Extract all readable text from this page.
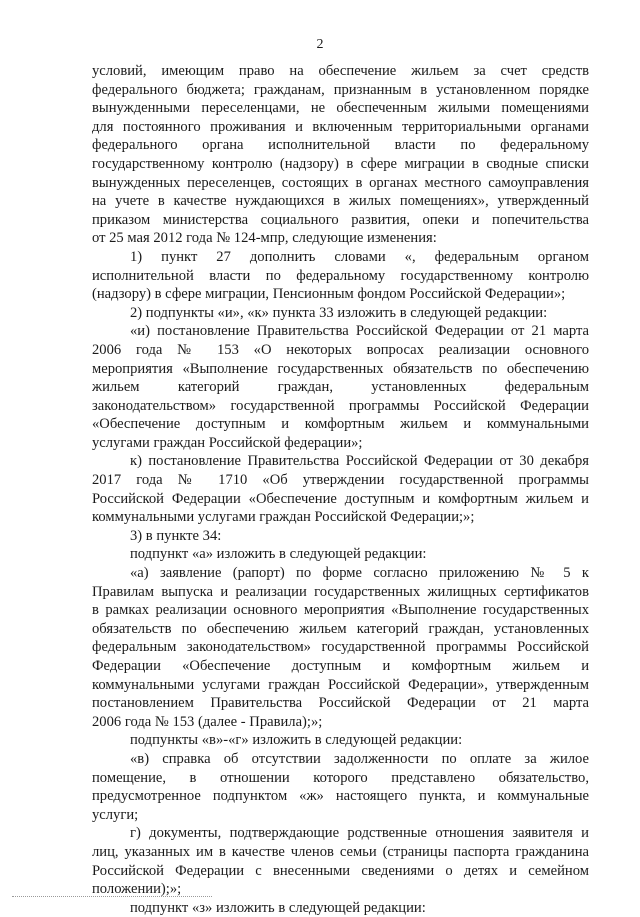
2
условий, имеющим право на обеспечение жильем за счет средств
федерального бюджета; гражданам, признанным в установленном порядке
вынужденными переселенцами, не обеспеченным жилыми помещениями
для постоянного проживания и включенным территориальными органами
федерального органа исполнительной власти по федеральному
государственному контролю (надзору) в сфере миграции в сводные списки
вынужденных переселенцев, состоящих в органах местного самоуправления
на учете в качестве нуждающихся в жилых помещениях», утвержденный
приказом министерства социального развития, опеки и попечительства
от 25 мая 2012 года № 124-мпр, следующие изменения:
1) пункт 27 дополнить словами «, федеральным органом
исполнительной власти по федеральному государственному контролю
(надзору) в сфере миграции, Пенсионным фондом Российской Федерации»;
2) подпункты «и», «к» пункта 33 изложить в следующей редакции:
«и) постановление Правительства Российской Федерации от 21 марта
2006 года № 153 «О некоторых вопросах реализации основного
мероприятия «Выполнение государственных обязательств по обеспечению
жильем категорий граждан, установленных федеральным
законодательством» государственной программы Российской Федерации
«Обеспечение доступным и комфортным жильем и коммунальными
услугами граждан Российской федерации»;
к) постановление Правительства Российской Федерации от 30 декабря
2017 года № 1710 «Об утверждении государственной программы
Российской Федерации «Обеспечение доступным и комфортным жильем и
коммунальными услугами граждан Российской Федерации;»;
3) в пункте 34:
подпункт «а» изложить в следующей редакции:
«а) заявление (рапорт) по форме согласно приложению № 5 к
Правилам выпуска и реализации государственных жилищных сертификатов
в рамках реализации основного мероприятия «Выполнение государственных
обязательств по обеспечению жильем категорий граждан, установленных
федеральным законодательством» государственной программы Российской
Федерации «Обеспечение доступным и комфортным жильем и
коммунальными услугами граждан Российской Федерации», утвержденным
постановлением Правительства Российской Федерации от 21 марта
2006 года № 153 (далее - Правила);»;
подпункты «в»-«г» изложить в следующей редакции:
«в) справка об отсутствии задолженности по оплате за жилое
помещение, в отношении которого представлено обязательство,
предусмотренное подпунктом «ж» настоящего пункта, и коммунальные
услуги;
г) документы, подтверждающие родственные отношения заявителя и
лиц, указанных им в качестве членов семьи (страницы паспорта гражданина
Российской Федерации с внесенными сведениями о детях и семейном
положении);»;
подпункт «з» изложить в следующей редакции:
